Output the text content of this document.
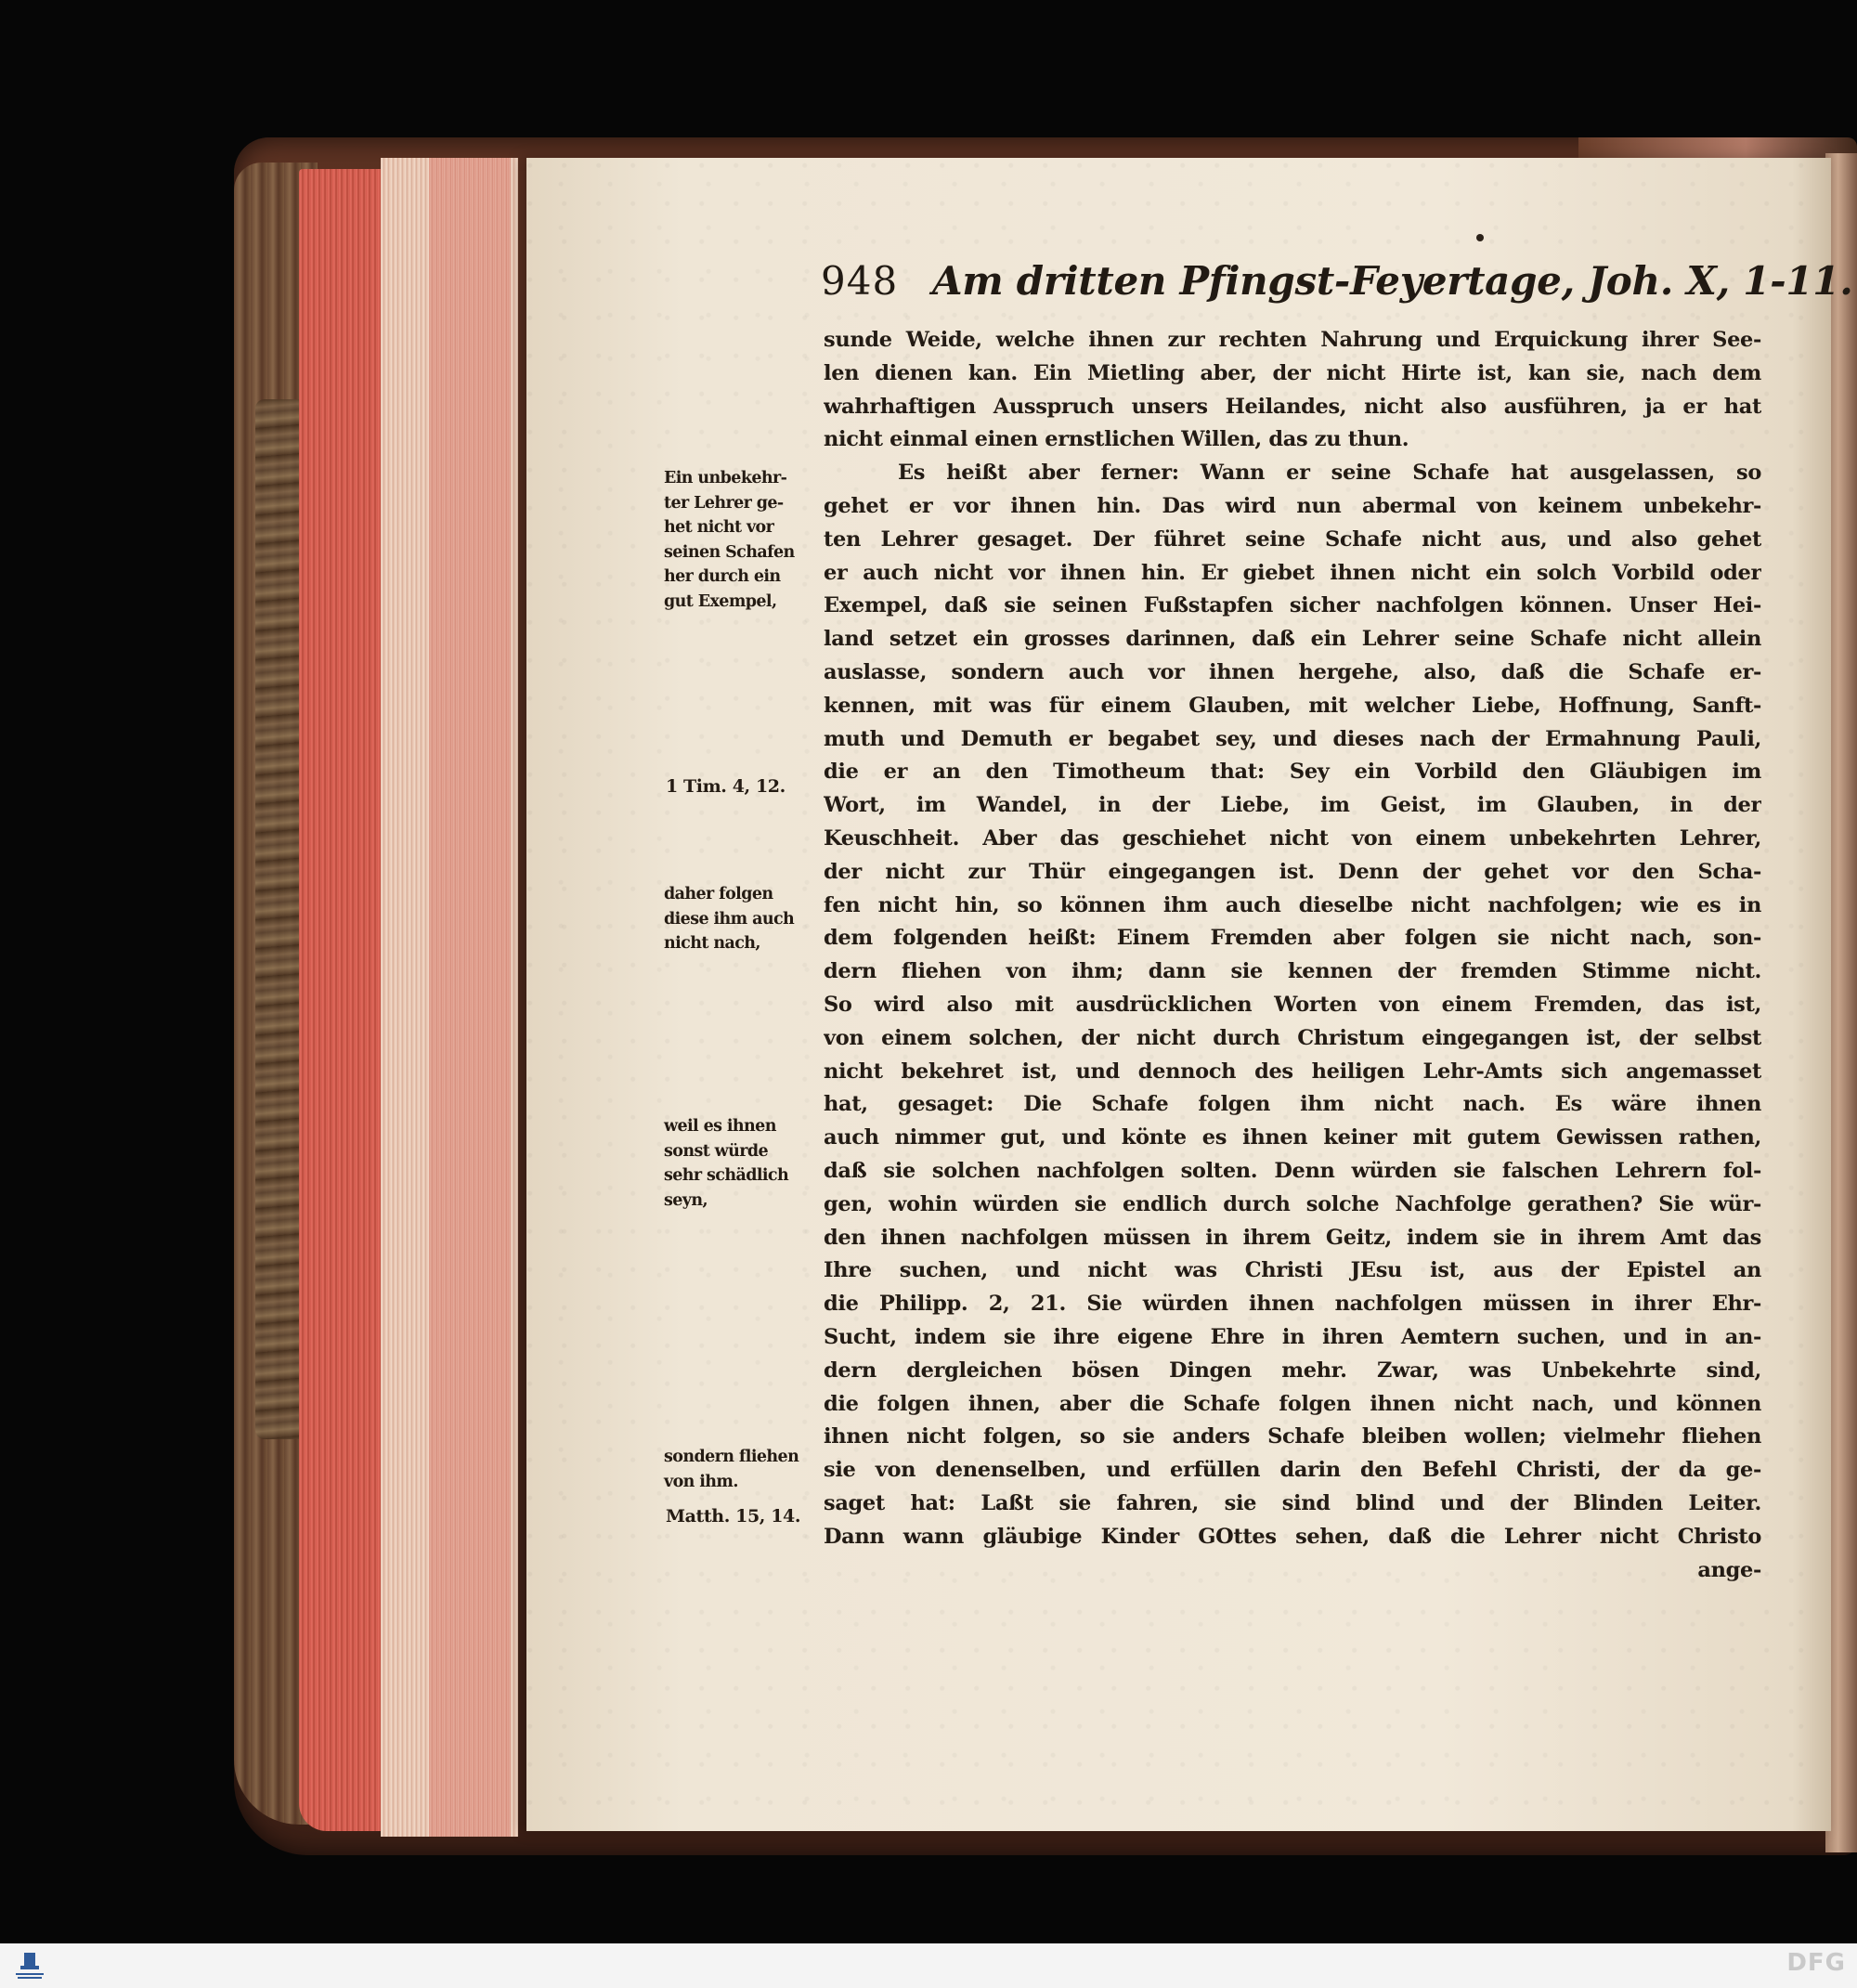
948 Am dritten Pfingst-Feyertage, Joh. X, 1-11.
Ein unbekehr-
ter Lehrer ge-
het nicht vor
seinen Schafen
her durch ein
gut Exempel,
1 Tim. 4, 12.
daher folgen
diese ihm auch
nicht nach,
weil es ihnen
sonst würde
sehr schädlich
seyn,
sondern fliehen
von ihm.
Matth. 15, 14.
sunde Weide, welche ihnen zur rechten Nahrung und Erquickung ihrer See-
len dienen kan. Ein Mietling aber, der nicht Hirte ist, kan sie, nach dem
wahrhaftigen Ausspruch unsers Heilandes, nicht also ausführen, ja er hat
nicht einmal einen ernstlichen Willen, das zu thun.
Es heißt aber ferner: Wann er seine Schafe hat ausgelassen, so
gehet er vor ihnen hin. Das wird nun abermal von keinem unbekehr-
ten Lehrer gesaget. Der führet seine Schafe nicht aus, und also gehet
er auch nicht vor ihnen hin. Er giebet ihnen nicht ein solch Vorbild oder
Exempel, daß sie seinen Fußstapfen sicher nachfolgen können. Unser Hei-
land setzet ein grosses darinnen, daß ein Lehrer seine Schafe nicht allein
auslasse, sondern auch vor ihnen hergehe, also, daß die Schafe er-
kennen, mit was für einem Glauben, mit welcher Liebe, Hoffnung, Sanft-
muth und Demuth er begabet sey, und dieses nach der Ermahnung Pauli,
die er an den Timotheum that: Sey ein Vorbild den Gläubigen im
Wort, im Wandel, in der Liebe, im Geist, im Glauben, in der
Keuschheit. Aber das geschiehet nicht von einem unbekehrten Lehrer,
der nicht zur Thür eingegangen ist. Denn der gehet vor den Scha-
fen nicht hin, so können ihm auch dieselbe nicht nachfolgen; wie es in
dem folgenden heißt: Einem Fremden aber folgen sie nicht nach, son-
dern fliehen von ihm; dann sie kennen der fremden Stimme nicht.
So wird also mit ausdrücklichen Worten von einem Fremden, das ist,
von einem solchen, der nicht durch Christum eingegangen ist, der selbst
nicht bekehret ist, und dennoch des heiligen Lehr-Amts sich angemasset
hat, gesaget: Die Schafe folgen ihm nicht nach. Es wäre ihnen
auch nimmer gut, und könte es ihnen keiner mit gutem Gewissen rathen,
daß sie solchen nachfolgen solten. Denn würden sie falschen Lehrern fol-
gen, wohin würden sie endlich durch solche Nachfolge gerathen? Sie wür-
den ihnen nachfolgen müssen in ihrem Geitz, indem sie in ihrem Amt das
Ihre suchen, und nicht was Christi JEsu ist, aus der Epistel an
die Philipp. 2, 21. Sie würden ihnen nachfolgen müssen in ihrer Ehr-
Sucht, indem sie ihre eigene Ehre in ihren Aemtern suchen, und in an-
dern dergleichen bösen Dingen mehr. Zwar, was Unbekehrte sind,
die folgen ihnen, aber die Schafe folgen ihnen nicht nach, und können
ihnen nicht folgen, so sie anders Schafe bleiben wollen; vielmehr fliehen
sie von denenselben, und erfüllen darin den Befehl Christi, der da ge-
saget hat: Laßt sie fahren, sie sind blind und der Blinden Leiter.
Dann wann gläubige Kinder GOttes sehen, daß die Lehrer nicht Christo
ange-
DFG
